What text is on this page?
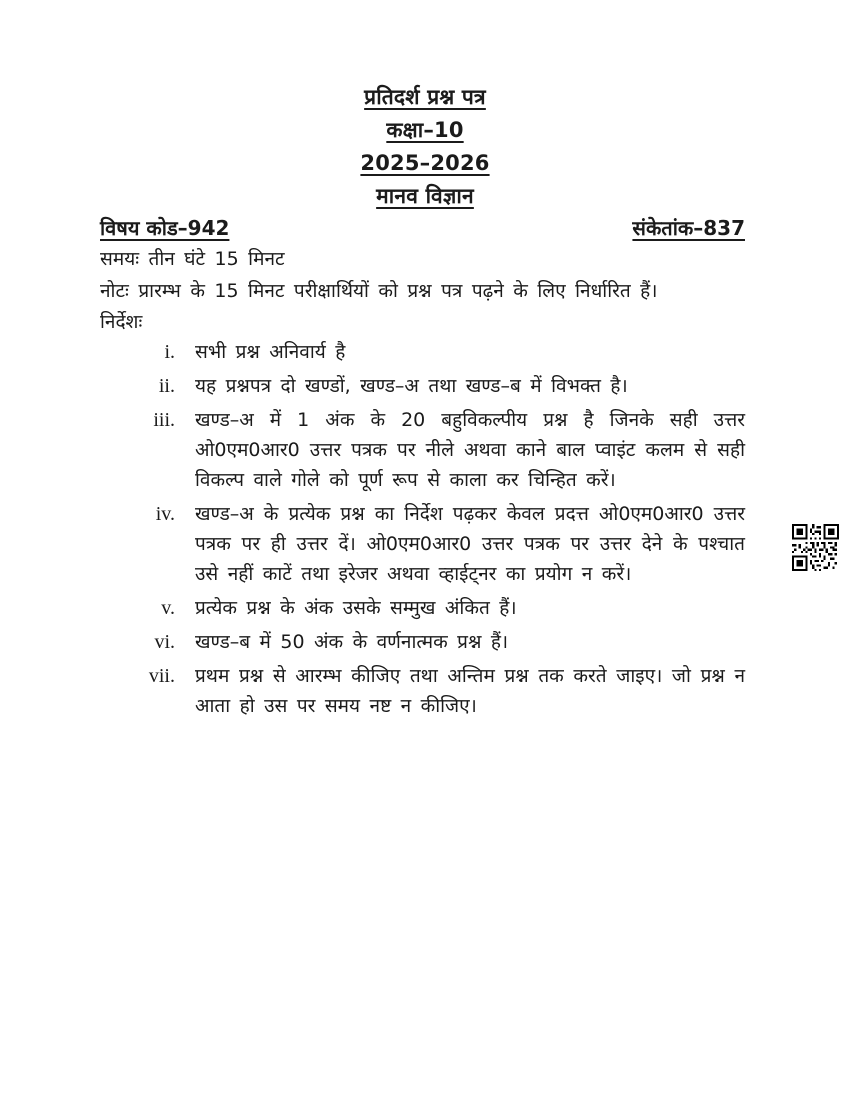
प्रतिदर्श प्रश्न पत्र
कक्षा–10
2025–2026
मानव विज्ञान
विषय कोड–942	संकेतांक–837
समयः तीन घंटे 15 मिनट
नोटः प्रारम्भ के 15 मिनट परीक्षार्थियों को प्रश्न पत्र पढ़ने के लिए निर्धारित हैं।
निर्देशः
i.	सभी प्रश्न अनिवार्य है
ii.	यह प्रश्नपत्र दो खण्डों, खण्ड–अ तथा खण्ड–ब में विभक्त है।
iii.	खण्ड–अ में 1 अंक के 20 बहुविकल्पीय प्रश्न है जिनके सही उत्तर ओ0एम0आर0 उत्तर पत्रक पर नीले अथवा काने बाल प्वाइंट कलम से सही विकल्प वाले गोले को पूर्ण रूप से काला कर चिन्हित करें।
iv.	खण्ड–अ के प्रत्येक प्रश्न का निर्देश पढ़कर केवल प्रदत्त ओ0एम0आर0 उत्तर पत्रक पर ही उत्तर दें। ओ0एम0आर0 उत्तर पत्रक पर उत्तर देने के पश्चात उसे नहीं काटें तथा इरेजर अथवा व्हाईट्नर का प्रयोग न करें।
v.	प्रत्येक प्रश्न के अंक उसके सम्मुख अंकित हैं।
vi.	खण्ड–ब में 50 अंक के वर्णनात्मक प्रश्न हैं।
vii.	प्रथम प्रश्न से आरम्भ कीजिए तथा अन्तिम प्रश्न तक करते जाइए। जो प्रश्न न आता हो उस पर समय नष्ट न कीजिए।
